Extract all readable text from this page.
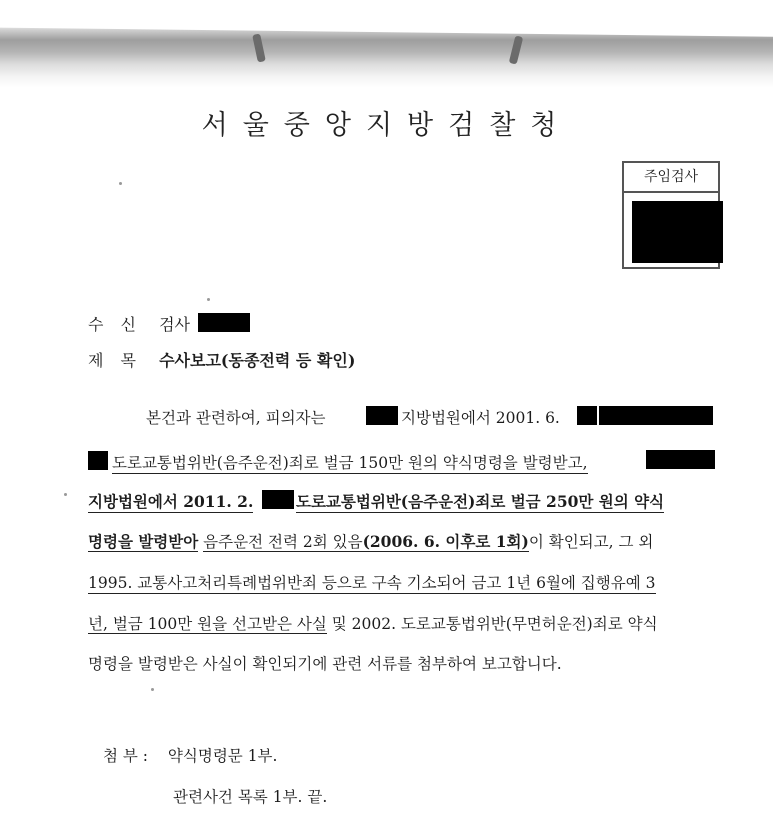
서울중앙지방검찰청
주임검사
수 신 검사
제 목 수사보고(동종전력 등 확인)
본건과 관련하여, 피의자는	지방법원에서 2001. 6.
도로교통법위반(음주운전)죄로 벌금 150만 원의 약식명령을 발령받고,
지방법원에서 2011. 2.	도로교통법위반(음주운전)죄로 벌금 250만 원의 약식
명령을 발령받아 음주운전 전력 2회 있음(2006. 6. 이후로 1회)이 확인되고, 그 외
1995. 교통사고처리특례법위반죄 등으로 구속 기소되어 금고 1년 6월에 집행유예 3
년, 벌금 100만 원을 선고받은 사실 및 2002. 도로교통법위반(무면허운전)죄로 약식
명령을 발령받은 사실이 확인되기에 관련 서류를 첨부하여 보고합니다.
첨 부 : 약식명령문 1부.
관련사건 목록 1부. 끝.
